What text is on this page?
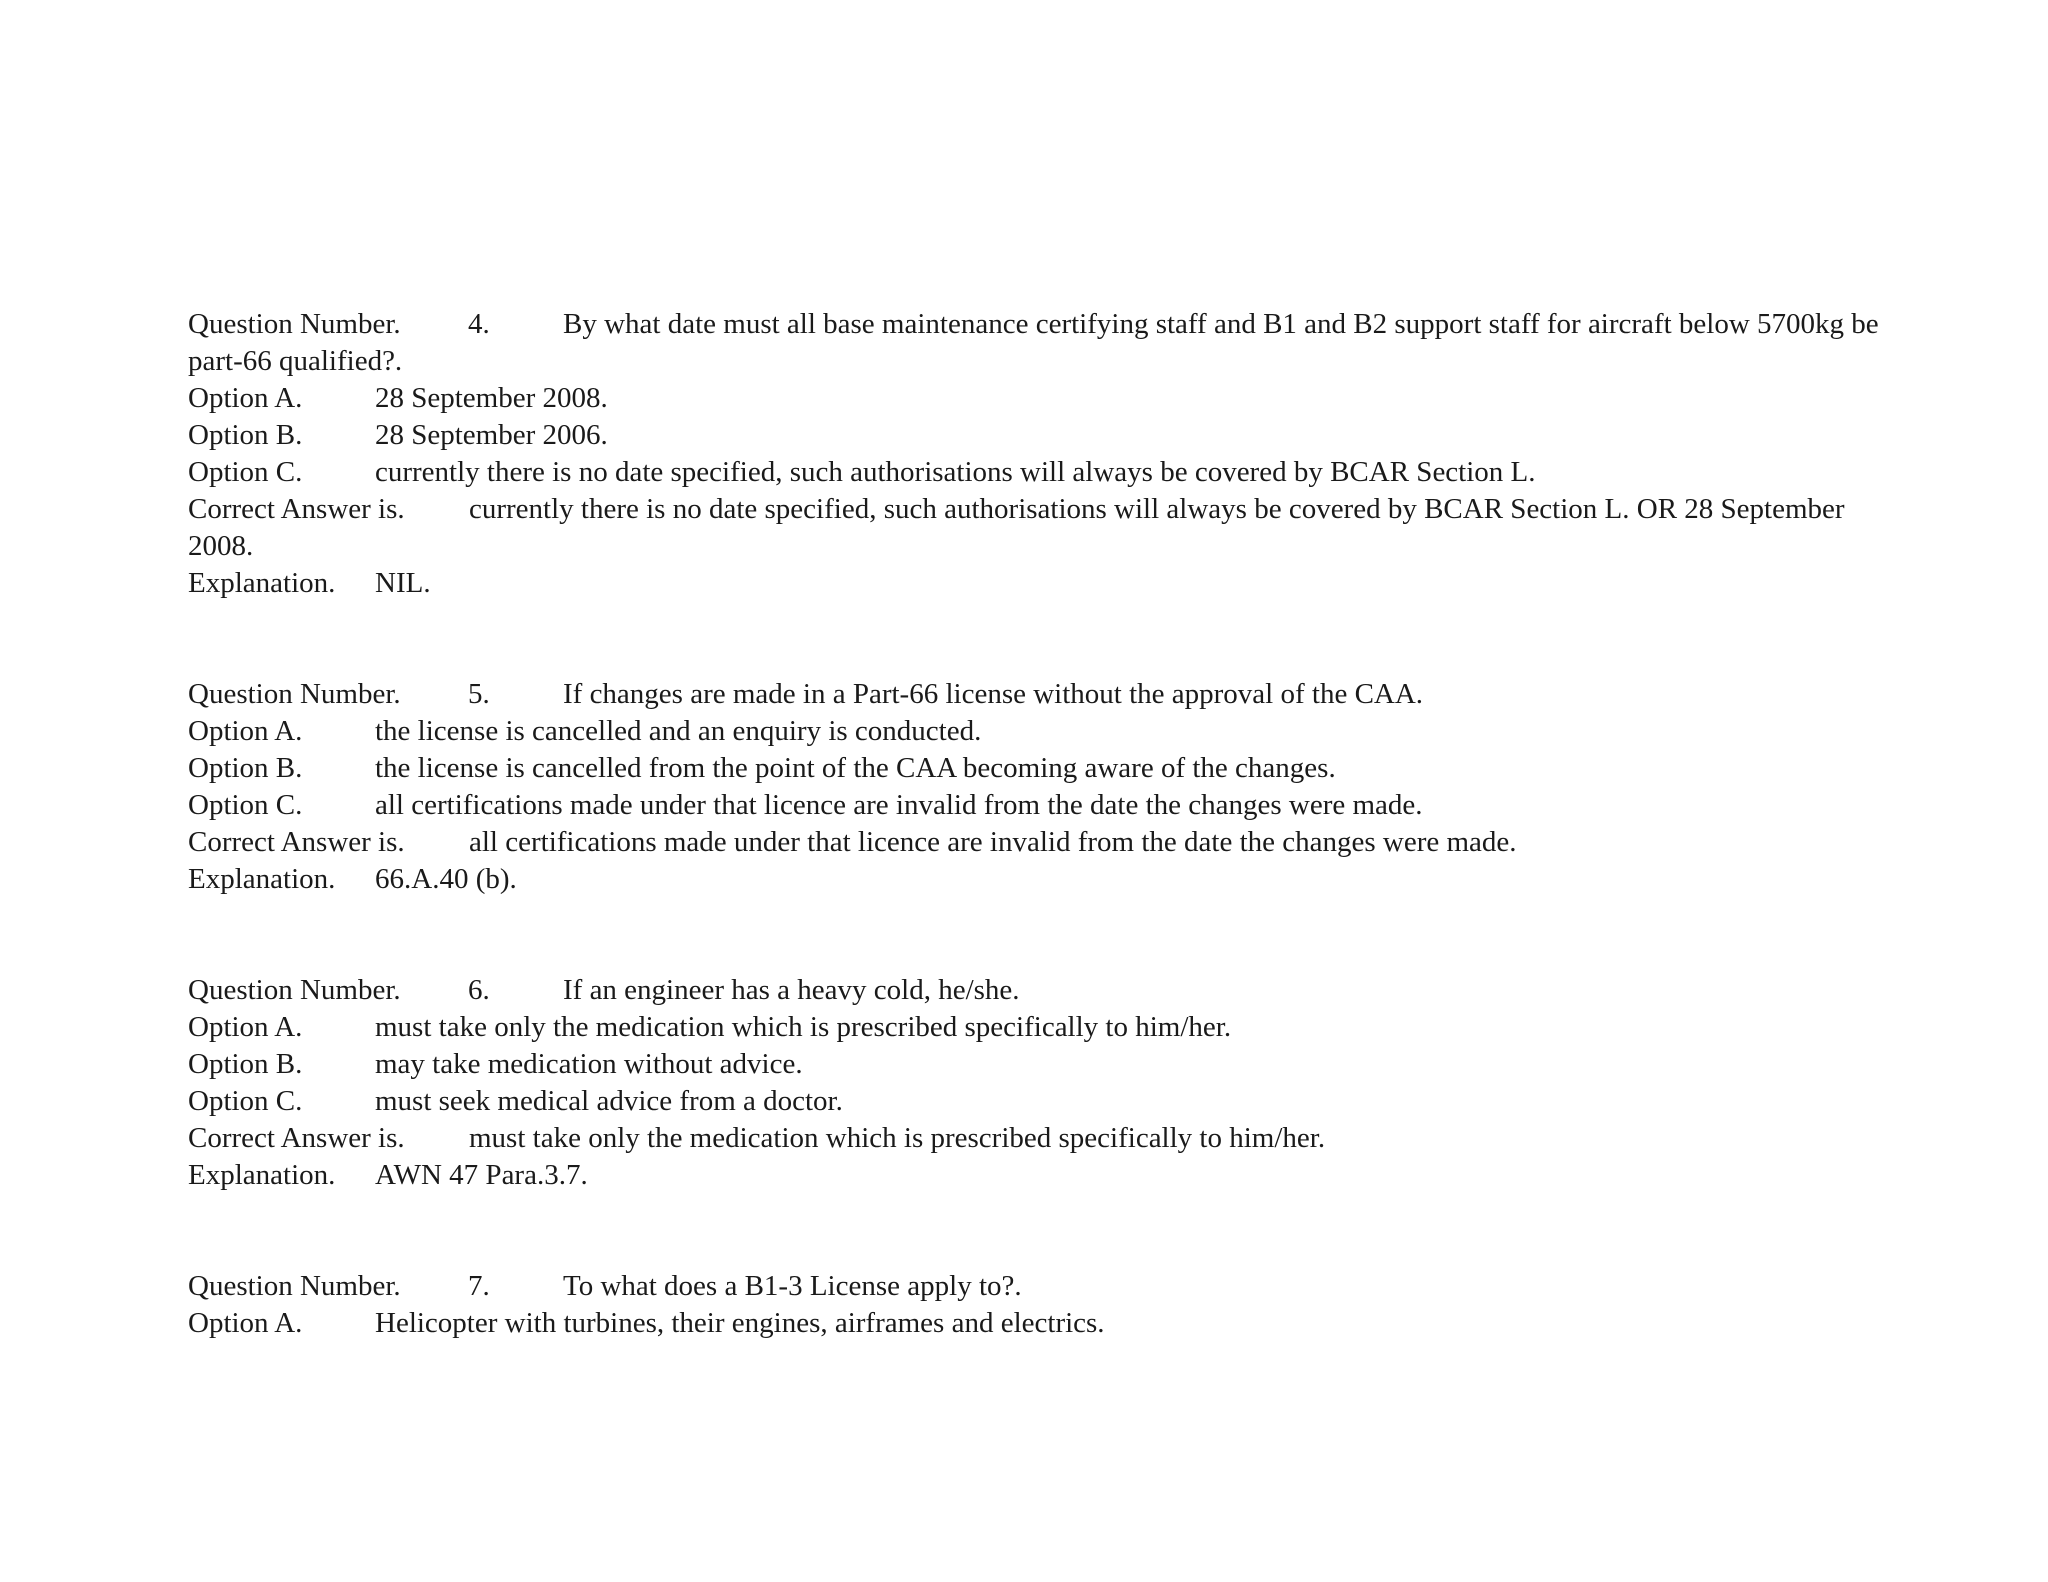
Question Number. 4.	By what date must all base maintenance certifying staff and B1 and B2 support staff for aircraft below 5700kg be part-66 qualified?.
Option A.	28 September 2008.
Option B.	28 September 2006.
Option C.	currently there is no date specified, such authorisations will always be covered by BCAR Section L.
Correct Answer is. currently there is no date specified, such authorisations will always be covered by BCAR Section L. OR 28 September 2008.
Explanation. NIL.
Question Number. 5.	If changes are made in a Part-66 license without the approval of the CAA.
Option A.	the license is cancelled and an enquiry is conducted.
Option B.	the license is cancelled from the point of the CAA becoming aware of the changes.
Option C.	all certifications made under that licence are invalid from the date the changes were made.
Correct Answer is. all certifications made under that licence are invalid from the date the changes were made.
Explanation. 66.A.40 (b).
Question Number. 6.	If an engineer has a heavy cold, he/she.
Option A.	must take only the medication which is prescribed specifically to him/her.
Option B.	may take medication without advice.
Option C.	must seek medical advice from a doctor.
Correct Answer is. must take only the medication which is prescribed specifically to him/her.
Explanation. AWN 47 Para.3.7.
Question Number. 7.	To what does a B1-3 License apply to?.
Option A.	Helicopter with turbines, their engines, airframes and electrics.
